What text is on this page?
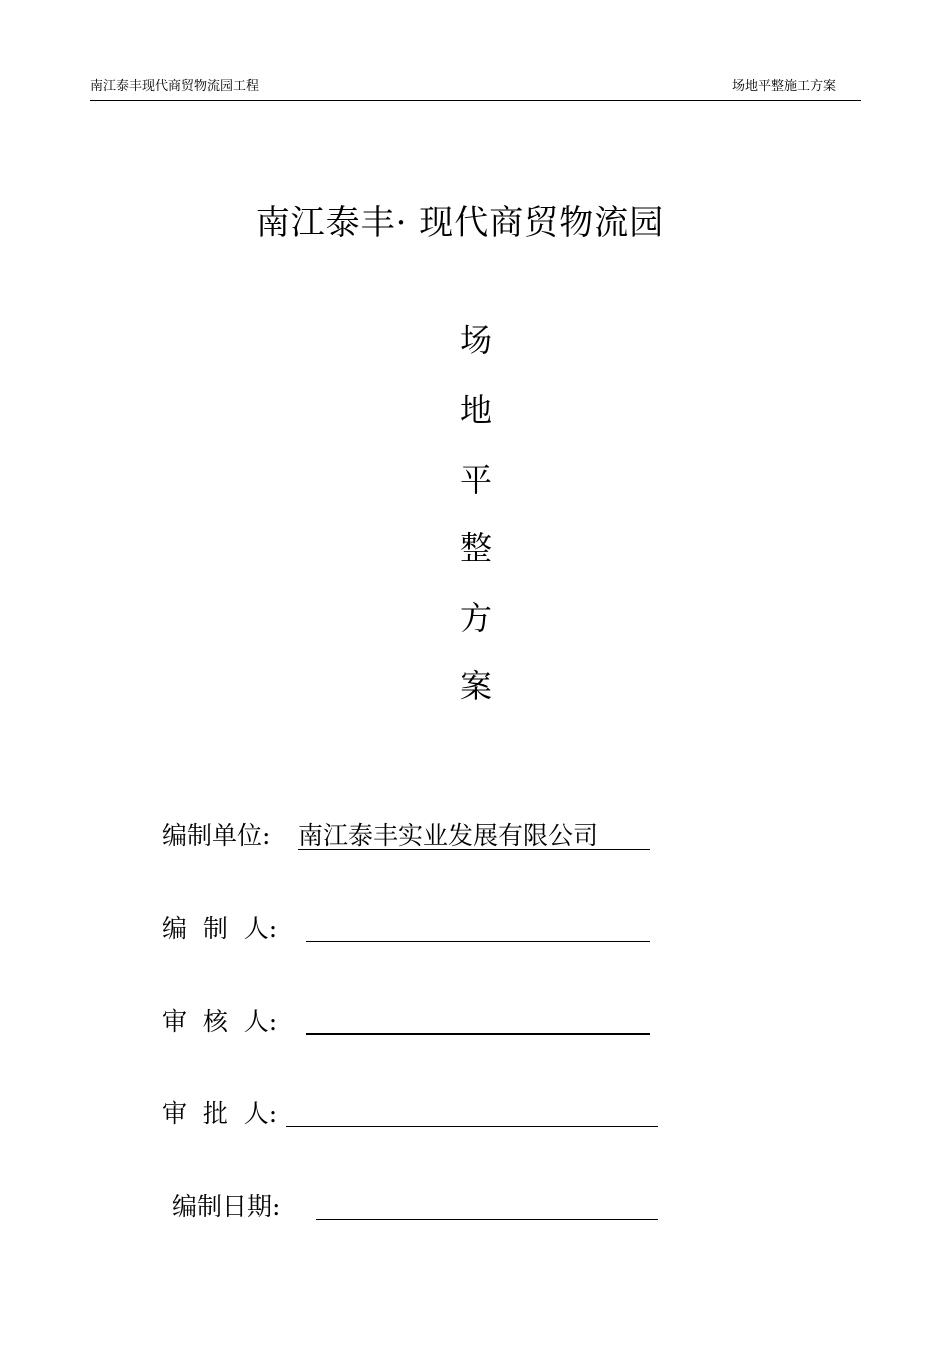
南江泰丰现代商贸物流园工程	场地平整施工方案
南江泰丰· 现代商贸物流园
场
地
平
整
方
案
编制单位: 南江泰丰实业发展有限公司
编  制  人:
审  核  人:
审  批  人:
编制日期:
